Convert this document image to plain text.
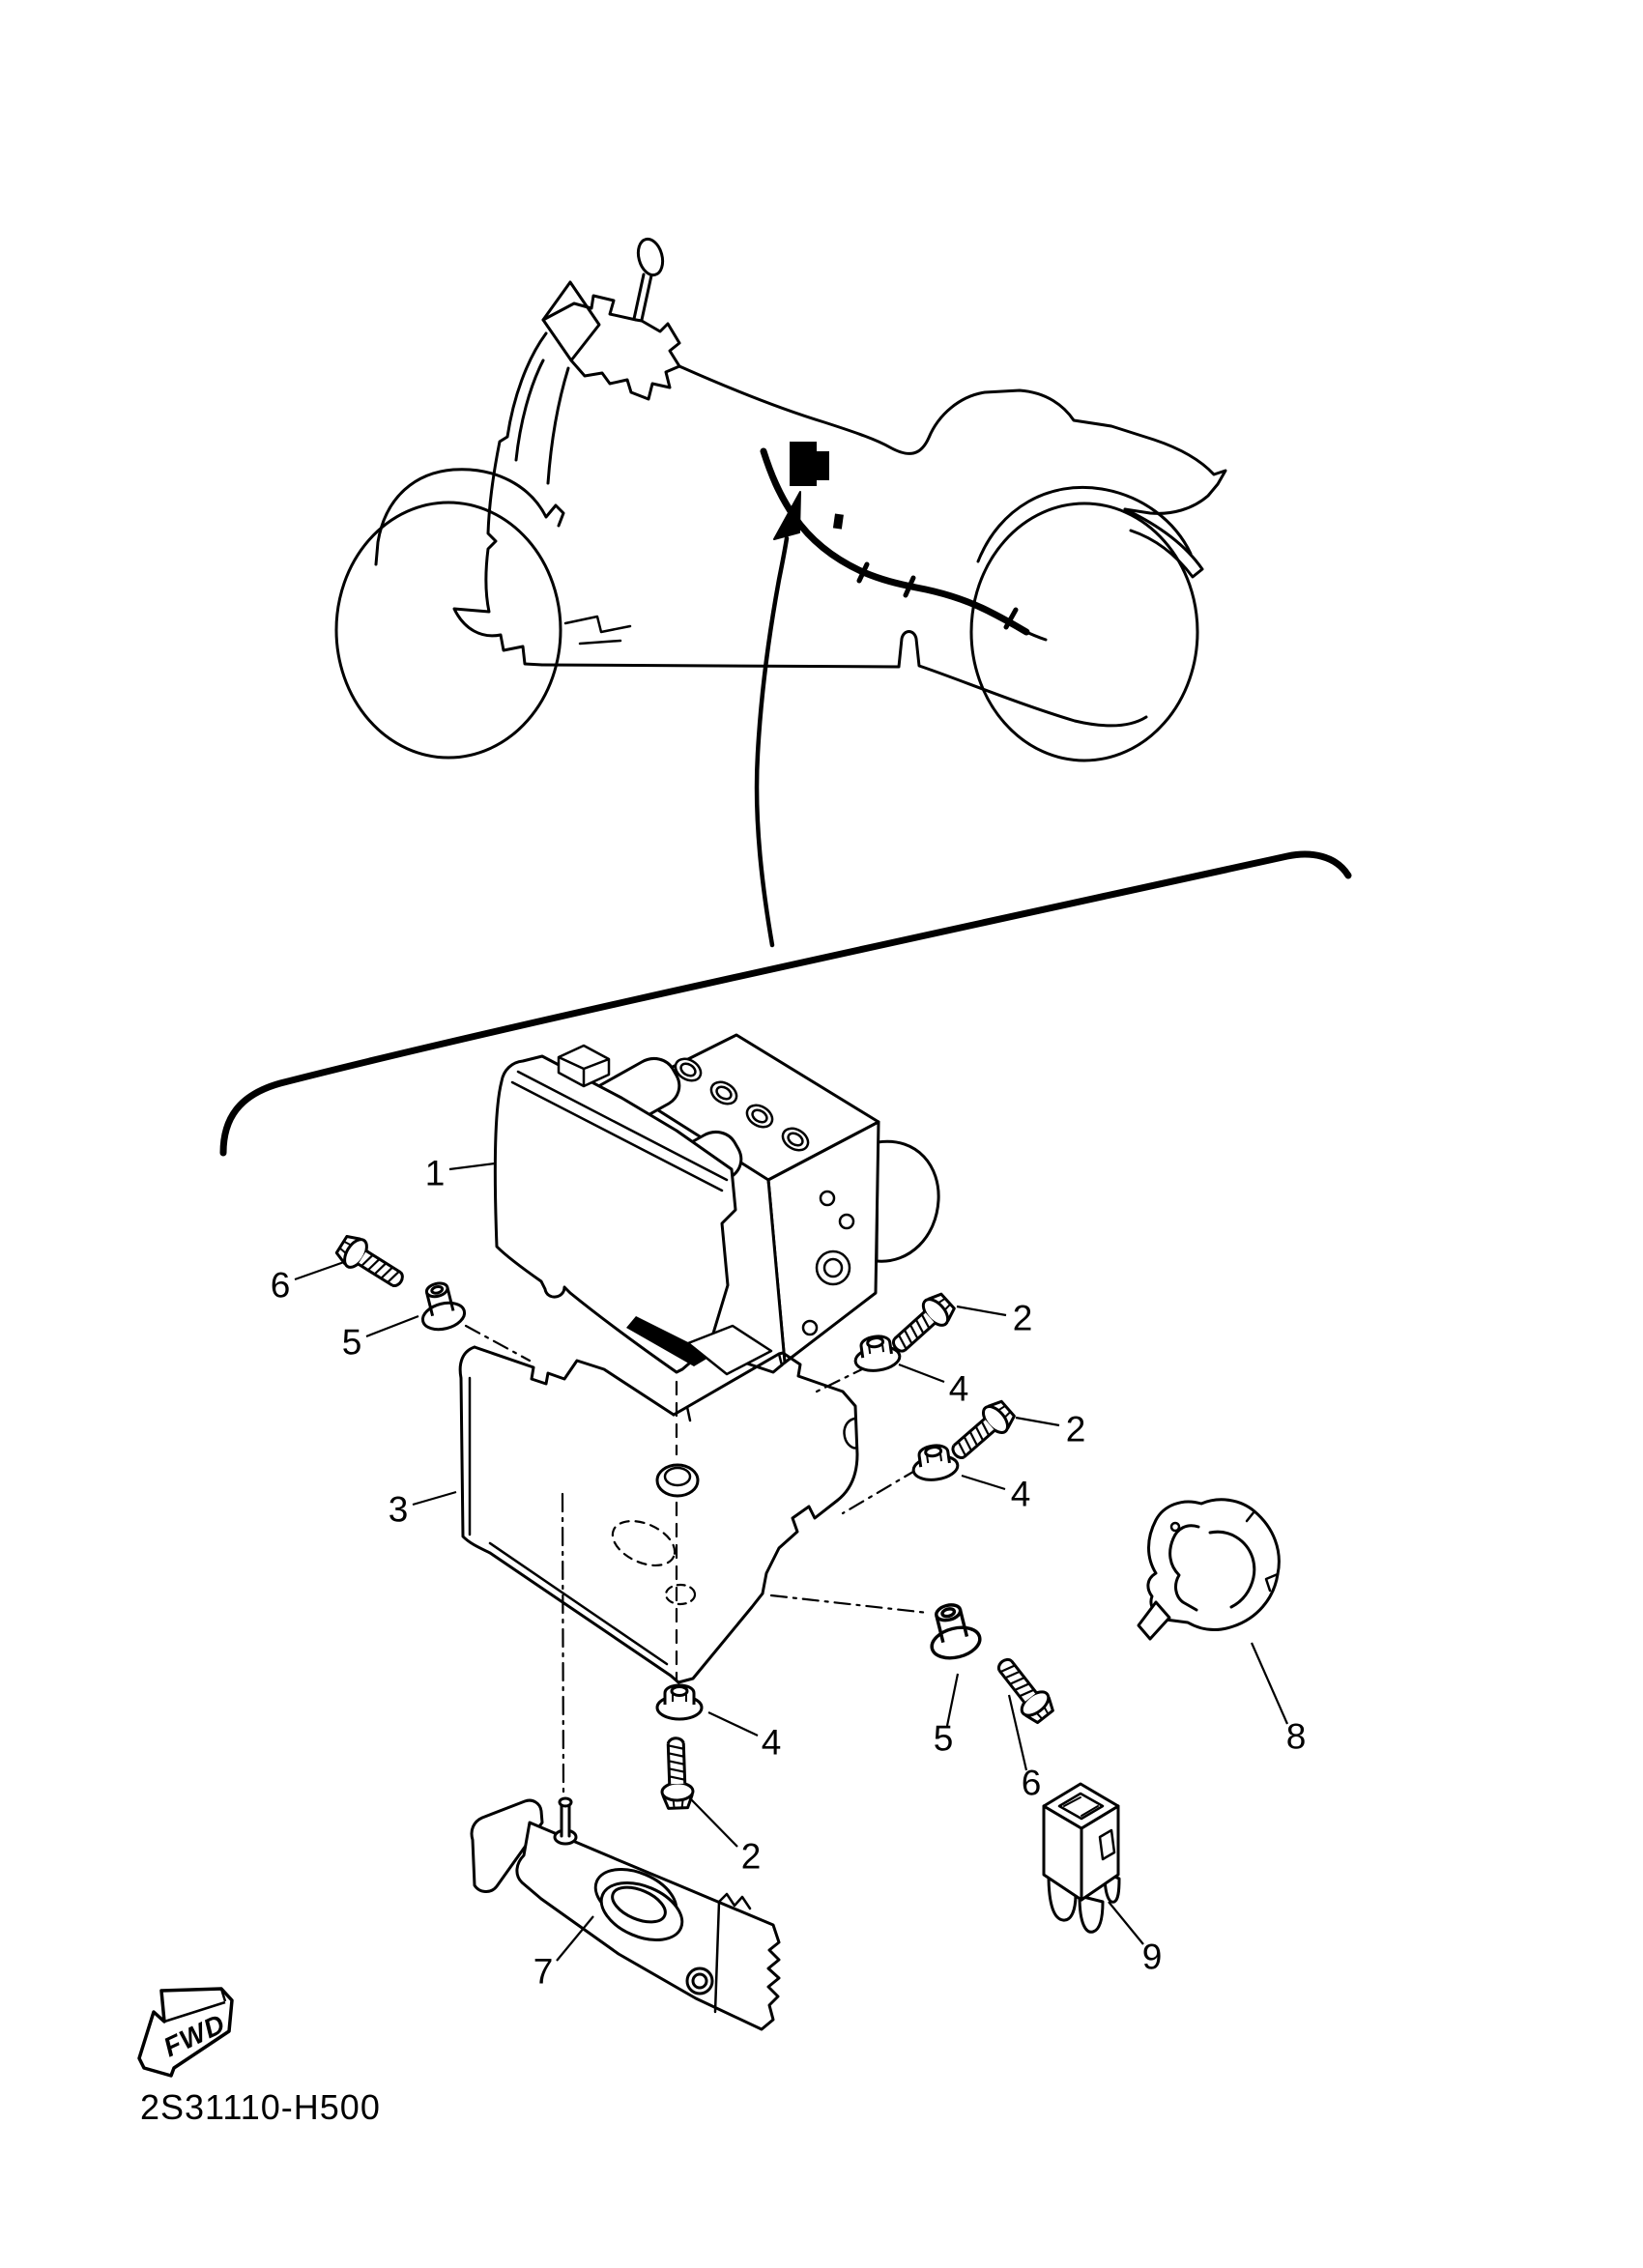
FWD
2S31110-H500
1
6
5
3
2
4
2
4
8
5
6
4
2
7	9
